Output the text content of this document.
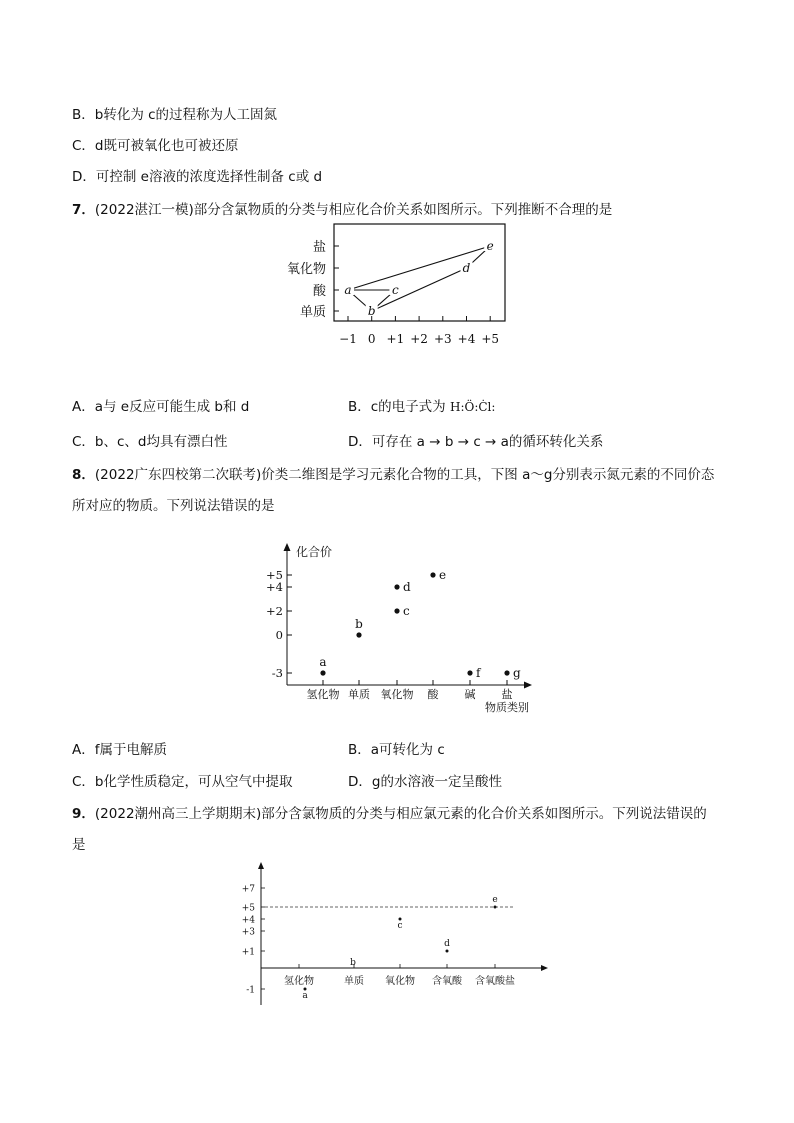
B．b转化为 c的过程称为人工固氮
C．d既可被氧化也可被还原
D．可控制 e溶液的浓度选择性制备 c或 d
7．(2022湛江一模)部分含氯物质的分类与相应化合价关系如图所示。下列推断不合理的是
单质
酸
氧化物
盐
−1 0 +1 +2 +3 +4 +5
a
b
c
d
e
A．a与 e反应可能生成 b和 d	B．c的电子式为 H:Ö:Ċl:
C．b、c、d均具有漂白性	D．可存在 a → b → c → a的循环转化关系
8．(2022广东四校第二次联考)价类二维图是学习元素化合物的工具，下图 a～g分别表示氮元素的不同价态
所对应的物质。下列说法错误的是
化合价
+5
+4
+2
0
-3
氢化物 单质 氧化物 酸 碱 盐
物质类别
a
b
c
d
e
f	g
A．f属于电解质	B．a可转化为 c
C．b化学性质稳定，可从空气中提取	D．g的水溶液一定呈酸性
9．(2022潮州高三上学期期末)部分含氯物质的分类与相应氯元素的化合价关系如图所示。下列说法错误的
是
+7
+5
+4
+3
+1
-1
氢化物	单质 氧化物 含氧酸 含氧酸盐
a
b
c
d
e
